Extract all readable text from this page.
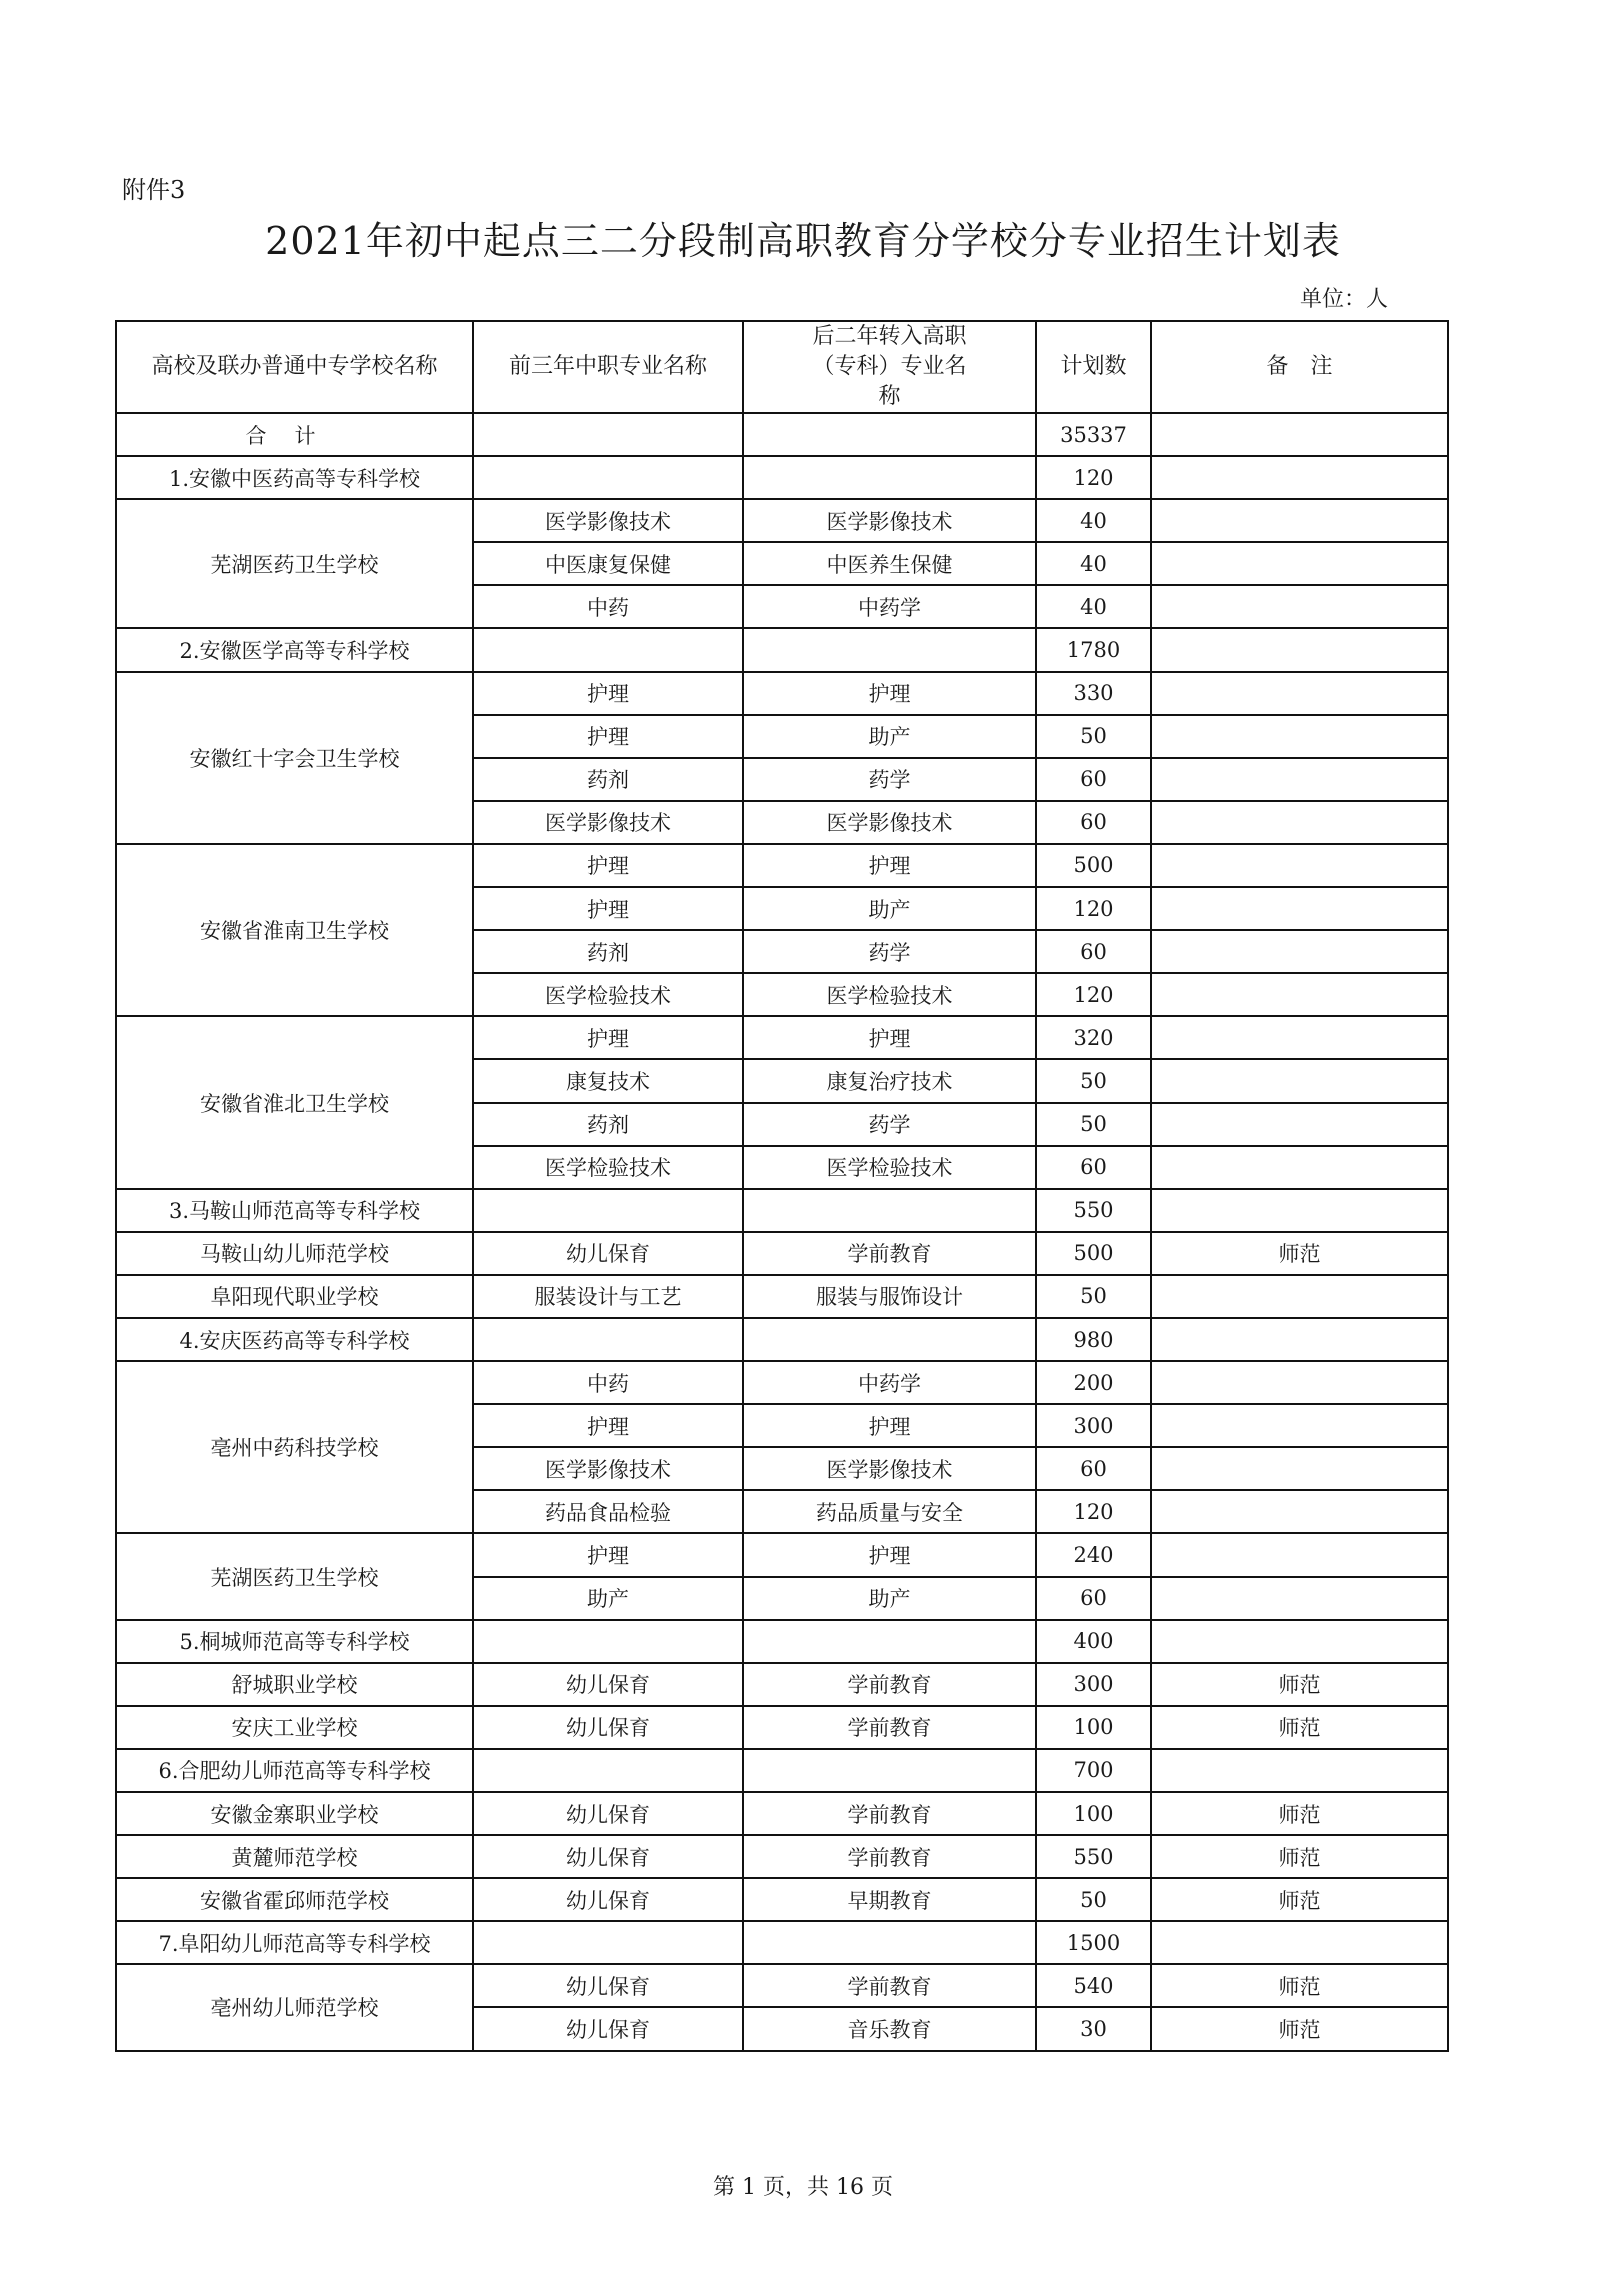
附件3
2021年初中起点三二分段制高职教育分学校分专业招生计划表
单位：人
高校及联办普通中专学校名称	前三年中职专业名称	后二年转入高职（专科）专业名称	计划数	备　注
合计			35337	
1.安徽中医药高等专科学校			120	
芜湖医药卫生学校	医学影像技术	医学影像技术	40	
	中医康复保健	中医养生保健	40	
	中药	中药学	40	
2.安徽医学高等专科学校			1780	
安徽红十字会卫生学校	护理	护理	330	
	护理	助产	50	
	药剂	药学	60	
	医学影像技术	医学影像技术	60	
安徽省淮南卫生学校	护理	护理	500	
	护理	助产	120	
	药剂	药学	60	
	医学检验技术	医学检验技术	120	
安徽省淮北卫生学校	护理	护理	320	
	康复技术	康复治疗技术	50	
	药剂	药学	50	
	医学检验技术	医学检验技术	60	
3.马鞍山师范高等专科学校			550	
马鞍山幼儿师范学校	幼儿保育	学前教育	500	师范
阜阳现代职业学校	服装设计与工艺	服装与服饰设计	50	
4.安庆医药高等专科学校			980	
亳州中药科技学校	中药	中药学	200	
	护理	护理	300	
	医学影像技术	医学影像技术	60	
	药品食品检验	药品质量与安全	120	
芜湖医药卫生学校	护理	护理	240	
	助产	助产	60	
5.桐城师范高等专科学校			400	
舒城职业学校	幼儿保育	学前教育	300	师范
安庆工业学校	幼儿保育	学前教育	100	师范
6.合肥幼儿师范高等专科学校			700	
安徽金寨职业学校	幼儿保育	学前教育	100	师范
黄麓师范学校	幼儿保育	学前教育	550	师范
安徽省霍邱师范学校	幼儿保育	早期教育	50	师范
7.阜阳幼儿师范高等专科学校			1500	
亳州幼儿师范学校	幼儿保育	学前教育	540	师范
	幼儿保育	音乐教育	30	师范
第 1 页，共 16 页
